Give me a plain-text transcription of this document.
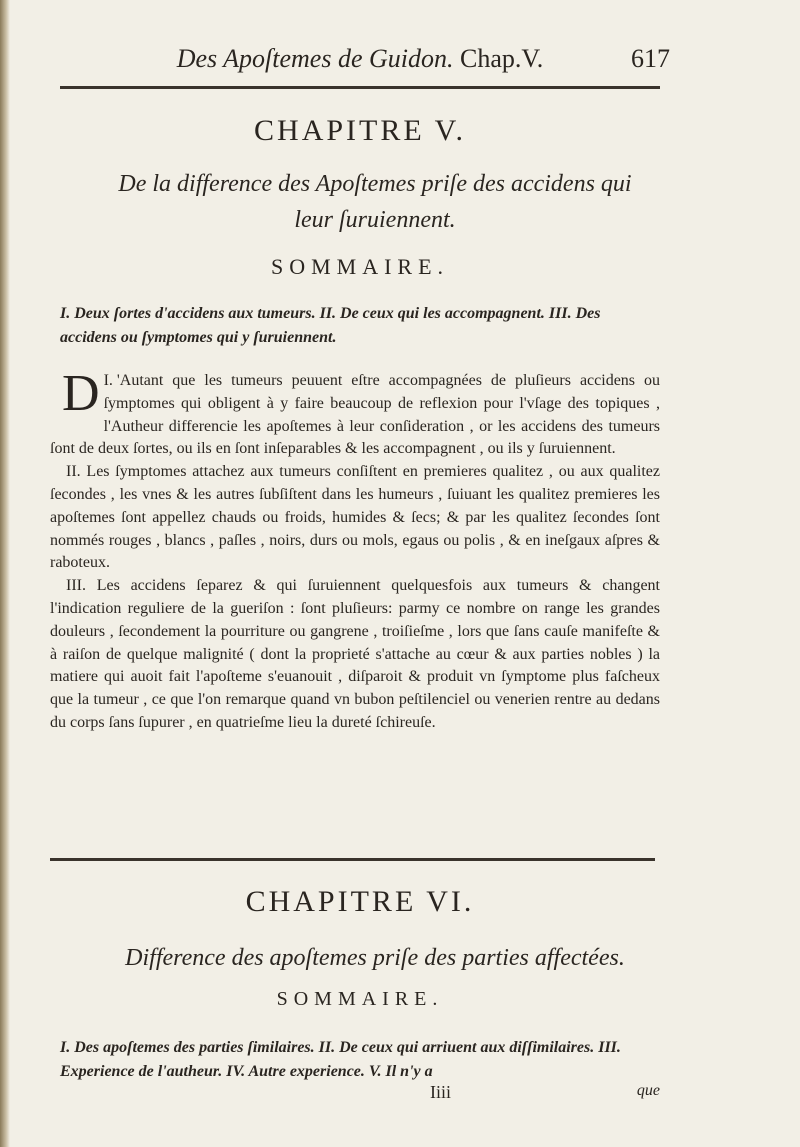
Des Apoſtemes de Guidon. Chap.V.	617
CHAPITRE V.
De la difference des Apoſtemes priſe des accidens qui
leur ſuruiennent.
SOMMAIRE.
I. Deux ſortes d'accidens aux tumeurs. II. De ceux qui les accompagnent. III. Des accidens ou ſymptomes qui y ſuruiennent.

I.
D 'Autant que les tumeurs peuuent eſtre accompagnées de pluſieurs accidens ou ſymptomes qui obligent à y faire beaucoup de reflexion pour l'vſage des topiques , l'Autheur differencie les apoſtemes à leur conſideration , or les accidens des tumeurs ſont de deux ſortes, ou ils en ſont inſeparables & les accompagnent , ou ils y ſuruiennent.

II. Les ſymptomes attachez aux tumeurs conſiſtent en premieres qualitez , ou aux qualitez ſecondes , les vnes & les autres ſubſiſtent dans les humeurs , ſuiuant les qualitez premieres les apoſtemes ſont appellez chauds ou froids, humides & ſecs; & par les qualitez ſecondes ſont nommés rouges , blancs , paſles , noirs, durs ou mols, egaus ou polis , & en ineſgaux aſpres & raboteux.

III. Les accidens ſeparez & qui ſuruiennent quelquesfois aux tumeurs & changent l'indication reguliere de la gueriſon : ſont pluſieurs: parmy ce nombre on range les grandes douleurs , ſecondement la pourriture ou gangrene , troiſieſme , lors que ſans cauſe manifeſte & à raiſon de quelque malignité ( dont la proprieté s'attache au cœur & aux parties nobles ) la matiere qui auoit fait l'apoſteme s'euanouit , diſparoit & produit vn ſymptome plus faſcheux que la tumeur , ce que l'on remarque quand vn bubon peſtilenciel ou venerien rentre au dedans du corps ſans ſupurer , en quatrieſme lieu la dureté ſchireuſe.

CHAPITRE VI.
Difference des apoſtemes priſe des parties affectées.
SOMMAIRE.
I. Des apoſtemes des parties ſimilaires. II. De ceux qui arriuent aux diſſimilaires. III. Experience de l'autheur. IV. Autre experience. V. Il n'y a
Iiii	que
